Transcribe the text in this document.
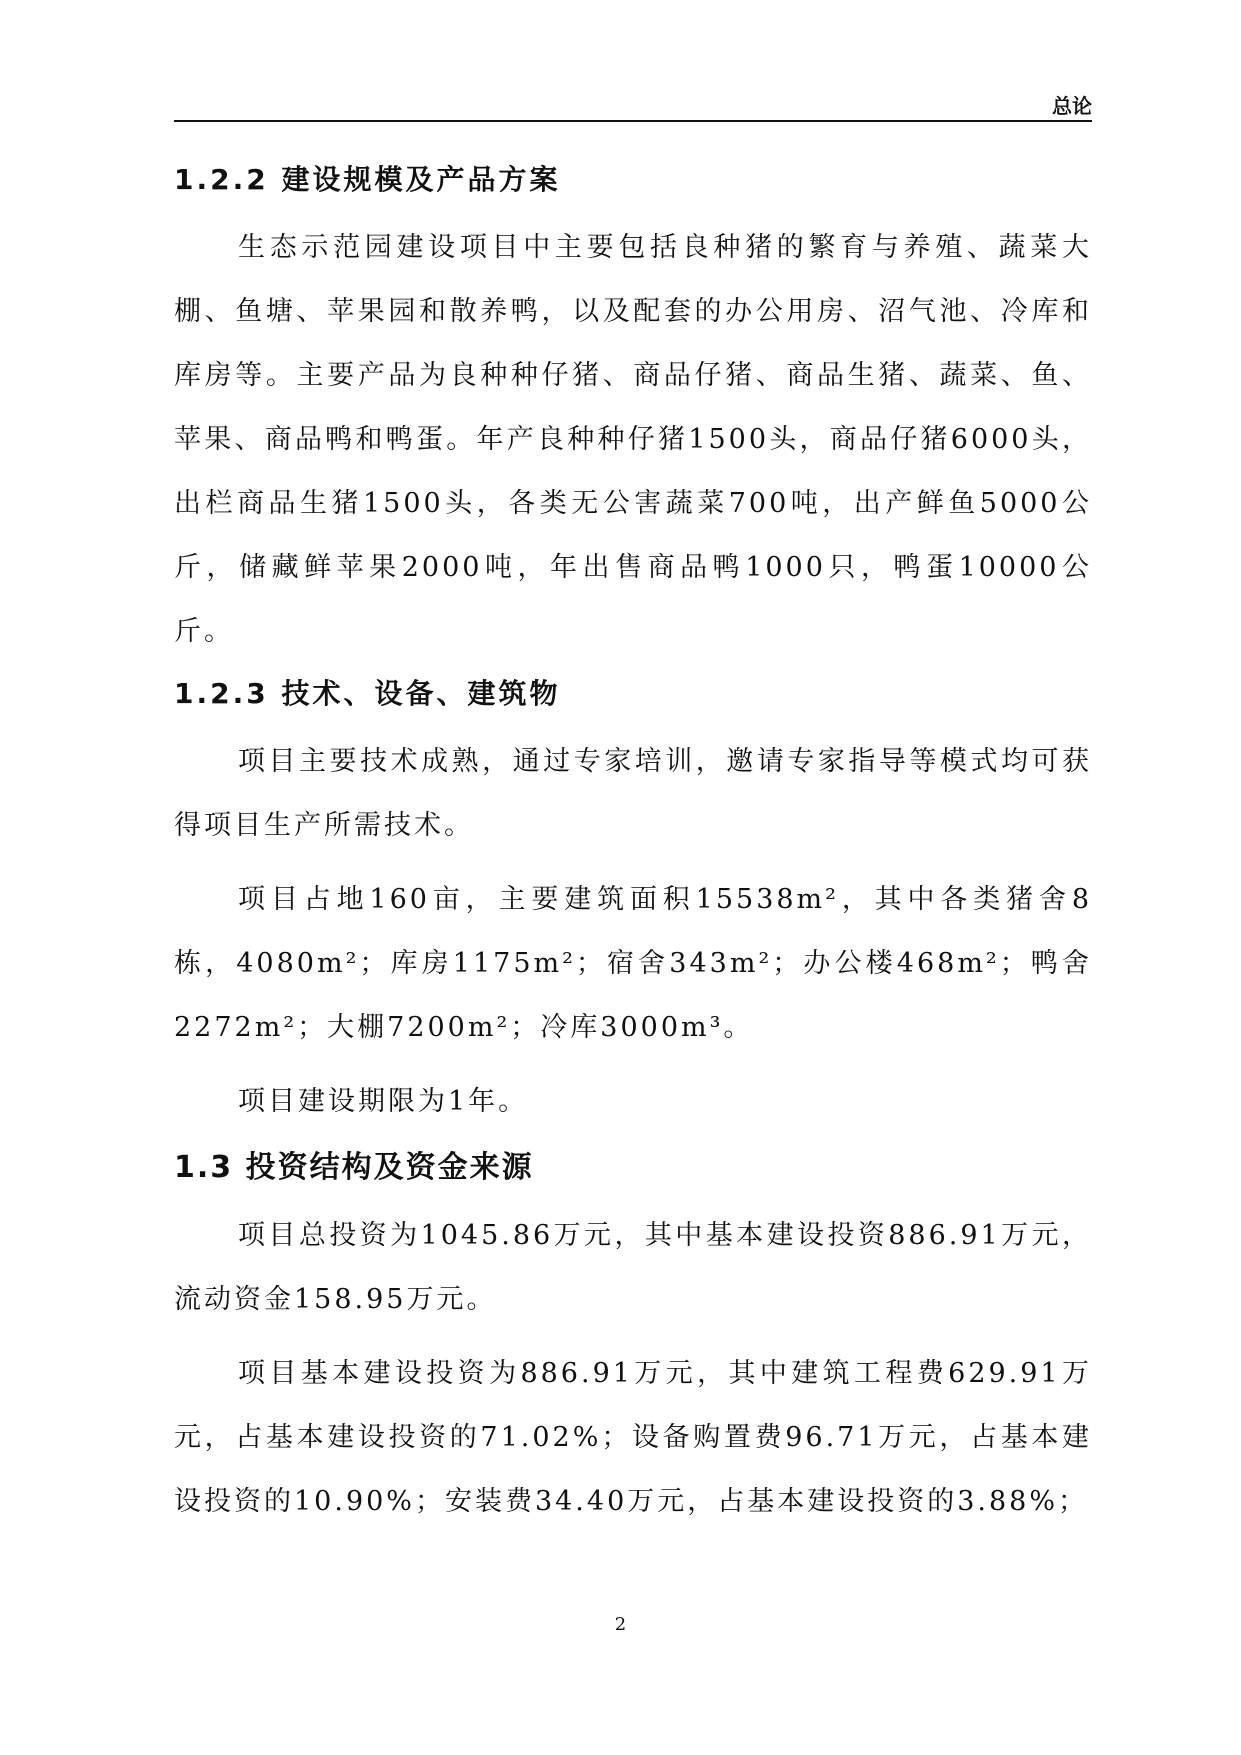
总论
1.2.2 建设规模及产品方案

生态示范园建设项目中主要包括良种猪的繁育与养殖、蔬菜大棚、鱼塘、苹果园和散养鸭，以及配套的办公用房、沼气池、冷库和库房等。主要产品为良种种仔猪、商品仔猪、商品生猪、蔬菜、鱼、苹果、商品鸭和鸭蛋。年产良种种仔猪1500头，商品仔猪6000头，出栏商品生猪1500头，各类无公害蔬菜700吨，出产鲜鱼5000公斤，储藏鲜苹果2000吨，年出售商品鸭1000只，鸭蛋10000公斤。

1.2.3 技术、设备、建筑物

项目主要技术成熟，通过专家培训，邀请专家指导等模式均可获得项目生产所需技术。

项目占地160亩，主要建筑面积15538m²，其中各类猪舍8栋，4080m²；库房1175m²；宿舍343m²；办公楼468m²；鸭舍2272m²；大棚7200m²；冷库3000m³。

项目建设期限为1年。

1.3 投资结构及资金来源

项目总投资为1045.86万元，其中基本建设投资886.91万元，流动资金158.95万元。

项目基本建设投资为886.91万元，其中建筑工程费629.91万元，占基本建设投资的71.02%；设备购置费96.71万元，占基本建设投资的10.90%；安装费34.40万元，占基本建设投资的3.88%；

2
